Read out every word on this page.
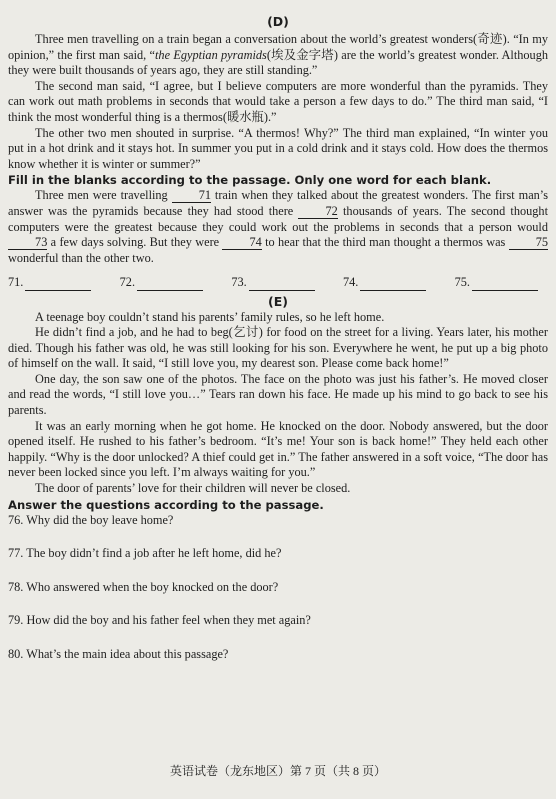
(D)

Three men travelling on a train began a conversation about the world’s greatest wonders(奇迹). “In my opinion,” the first man said, “the Egyptian pyramids(埃及金字塔) are the world’s greatest wonder. Although they were built thousands of years ago, they are still standing.”

The second man said, “I agree, but I believe computers are more wonderful than the pyramids. They can work out math problems in seconds that would take a person a few days to do.” The third man said, “I think the most wonderful thing is a thermos(暖水瓶).”

The other two men shouted in surprise. “A thermos! Why?” The third man explained, “In winter you put in a hot drink and it stays hot. In summer you put in a cold drink and it stays cold. How does the thermos know whether it is winter or summer?”

Fill in the blanks according to the passage. Only one word for each blank.

Three men were travelling	71 train when they talked about the greatest wonders. The first man’s answer was the pyramids because they had stood there	72 thousands of years. The second thought computers were the greatest because they could work out the problems in seconds that a person would73 a few days solving. But they were 74 to hear that the third man thought a thermos was 75 wonderful than the other two.

71.	72.	73.	74.	75.
(E)

A teenage boy couldn’t stand his parents’ family rules, so he left home.

He didn’t find a job, and he had to beg(乞讨) for food on the street for a living. Years later, his mother died. Though his father was old, he was still looking for his son. Everywhere he went, he put up a big photo of himself on the wall. It said, “I still love you, my dearest son. Please come back home!”

One day, the son saw one of the photos. The face on the photo was just his father’s. He moved closer and read the words, “I still love you…” Tears ran down his face. He made up his mind to go back to see his parents.

It was an early morning when he got home. He knocked on the door. Nobody answered, but the door opened itself. He rushed to his father’s bedroom. “It’s me! Your son is back home!” They held each other happily. “Why is the door unlocked? A thief could get in.” The father answered in a soft voice, “The door has never been locked since you left. I’m always waiting for you.”

The door of parents’ love for their children will never be closed.

Answer the questions according to the passage.

76. Why did the boy leave home?

77. The boy didn’t find a job after he left home, did he?

78. Who answered when the boy knocked on the door?

79. How did the boy and his father feel when they met again?

80. What’s the main idea about this passage?

英语试卷（龙东地区）第 7 页（共 8 页）
